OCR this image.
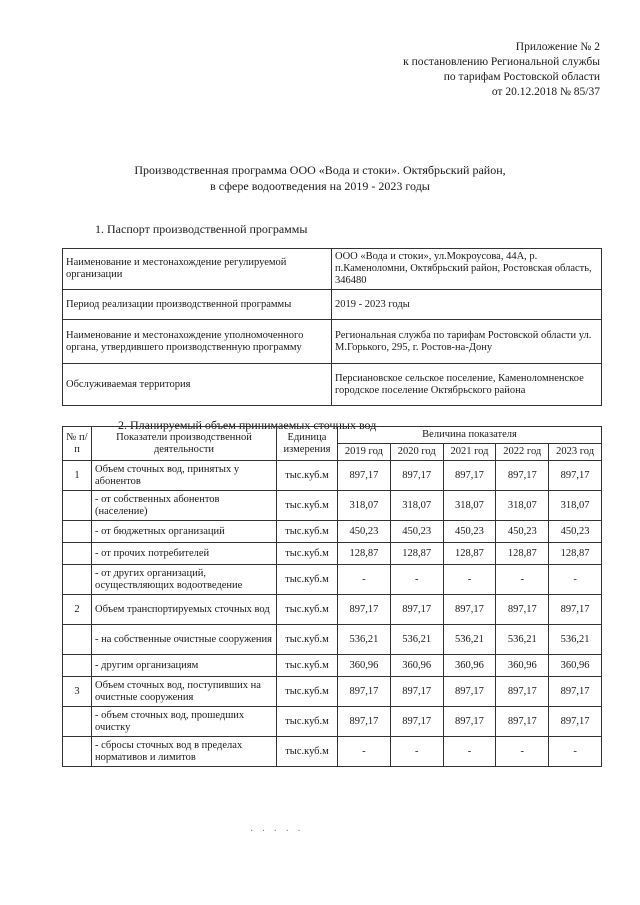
Приложение № 2
к постановлению Региональной службы
по тарифам Ростовской области
от 20.12.2018 № 85/37
Производственная программа ООО «Вода и стоки». Октябрьский район,
в сфере водоотведения на 2019 - 2023 годы
1. Паспорт производственной программы
Наименование и местонахождение регулируемой организации	ООО «Вода и стоки», ул.Мокроусова, 44А, р. п.Каменоломни, Октябрьский район, Ростовская область, 346480
Период реализации производственной программы	2019 - 2023 годы
Наименование и местонахождение уполномоченного органа, утвердившего производственную программу	Региональная служба по тарифам Ростовской области ул. М.Горького, 295, г. Ростов-на-Дону
Обслуживаемая территория	Персиановское сельское поселение, Каменоломненское городское поселение Октябрьского района
2. Планируемый объем принимаемых сточных вод
№ п/п	Показатели производственной деятельности	Единица измерения	Величина показателя				
			2019 год	2020 год	2021 год	2022 год	2023 год
1	Объем сточных вод, принятых у абонентов	тыс.куб.м	897,17	897,17	897,17	897,17	897,17
	- от собственных абонентов (население)	тыс.куб.м	318,07	318,07	318,07	318,07	318,07
	- от бюджетных организаций	тыс.куб.м	450,23	450,23	450,23	450,23	450,23
	- от прочих потребителей	тыс.куб.м	128,87	128,87	128,87	128,87	128,87
	- от других организаций, осуществляющих водоотведение	тыс.куб.м	-	-	-	-	-
2	Объем транспортируемых сточных вод	тыс.куб.м	897,17	897,17	897,17	897,17	897,17
	- на собственные очистные сооружения	тыс.куб.м	536,21	536,21	536,21	536,21	536,21
	- другим организациям	тыс.куб.м	360,96	360,96	360,96	360,96	360,96
3	Объем сточных вод, поступивших на очистные сооружения	тыс.куб.м	897,17	897,17	897,17	897,17	897,17
	- объем сточных вод, прошедших очистку	тыс.куб.м	897,17	897,17	897,17	897,17	897,17
	- сбросы сточных вод в пределах нормативов и лимитов	тыс.куб.м	-	-	-	-	-
· · · · ·
